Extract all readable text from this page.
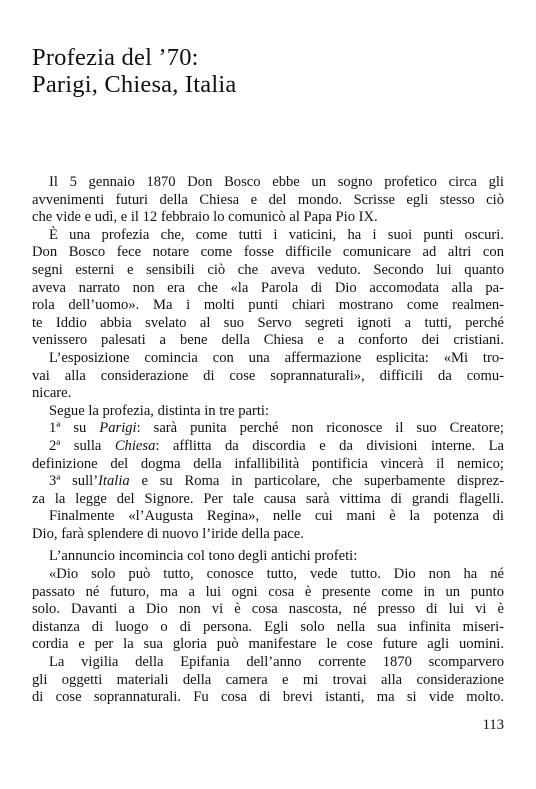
Profezia del ’70:
Parigi, Chiesa, Italia
Il 5 gennaio 1870 Don Bosco ebbe un sogno profetico circa gli
avvenimenti futuri della Chiesa e del mondo. Scrisse egli stesso ciò
che vide e udì, e il 12 febbraio lo comunicò al Papa Pio IX.
È una profezia che, come tutti i vaticini, ha i suoi punti oscuri.
Don Bosco fece notare come fosse difficile comunicare ad altri con
segni esterni e sensibili ciò che aveva veduto. Secondo lui quanto
aveva narrato non era che «la Parola di Dio accomodata alla pa-
rola dell’uomo». Ma i molti punti chiari mostrano come realmen-
te Iddio abbia svelato al suo Servo segreti ignoti a tutti, perché
venissero palesati a bene della Chiesa e a conforto dei cristiani.
L’esposizione comincia con una affermazione esplicita: «Mi tro-
vai alla considerazione di cose soprannaturali», difficili da comu-
nicare.
Segue la profezia, distinta in tre parti:
1ª su Parigi: sarà punita perché non riconosce il suo Creatore;
2ª sulla Chiesa: afflitta da discordia e da divisioni interne. La
definizione del dogma della infallibilità pontificia vincerà il nemico;
3ª sull’Italia e su Roma in particolare, che superbamente disprez-
za la legge del Signore. Per tale causa sarà vittima di grandi flagelli.
Finalmente «l’Augusta Regina», nelle cui mani è la potenza di
Dio, farà splendere di nuovo l’iride della pace.
L’annuncio incomincia col tono degli antichi profeti:
«Dio solo può tutto, conosce tutto, vede tutto. Dio non ha né
passato né futuro, ma a lui ogni cosa è presente come in un punto
solo. Davanti a Dio non vi è cosa nascosta, né presso di lui vi è
distanza di luogo o di persona. Egli solo nella sua infinita miseri-
cordia e per la sua gloria può manifestare le cose future agli uomini.
La vigilia della Epifania dell’anno corrente 1870 scomparvero
gli oggetti materiali della camera e mi trovai alla considerazione
di cose soprannaturali. Fu cosa di brevi istanti, ma si vide molto.
113
